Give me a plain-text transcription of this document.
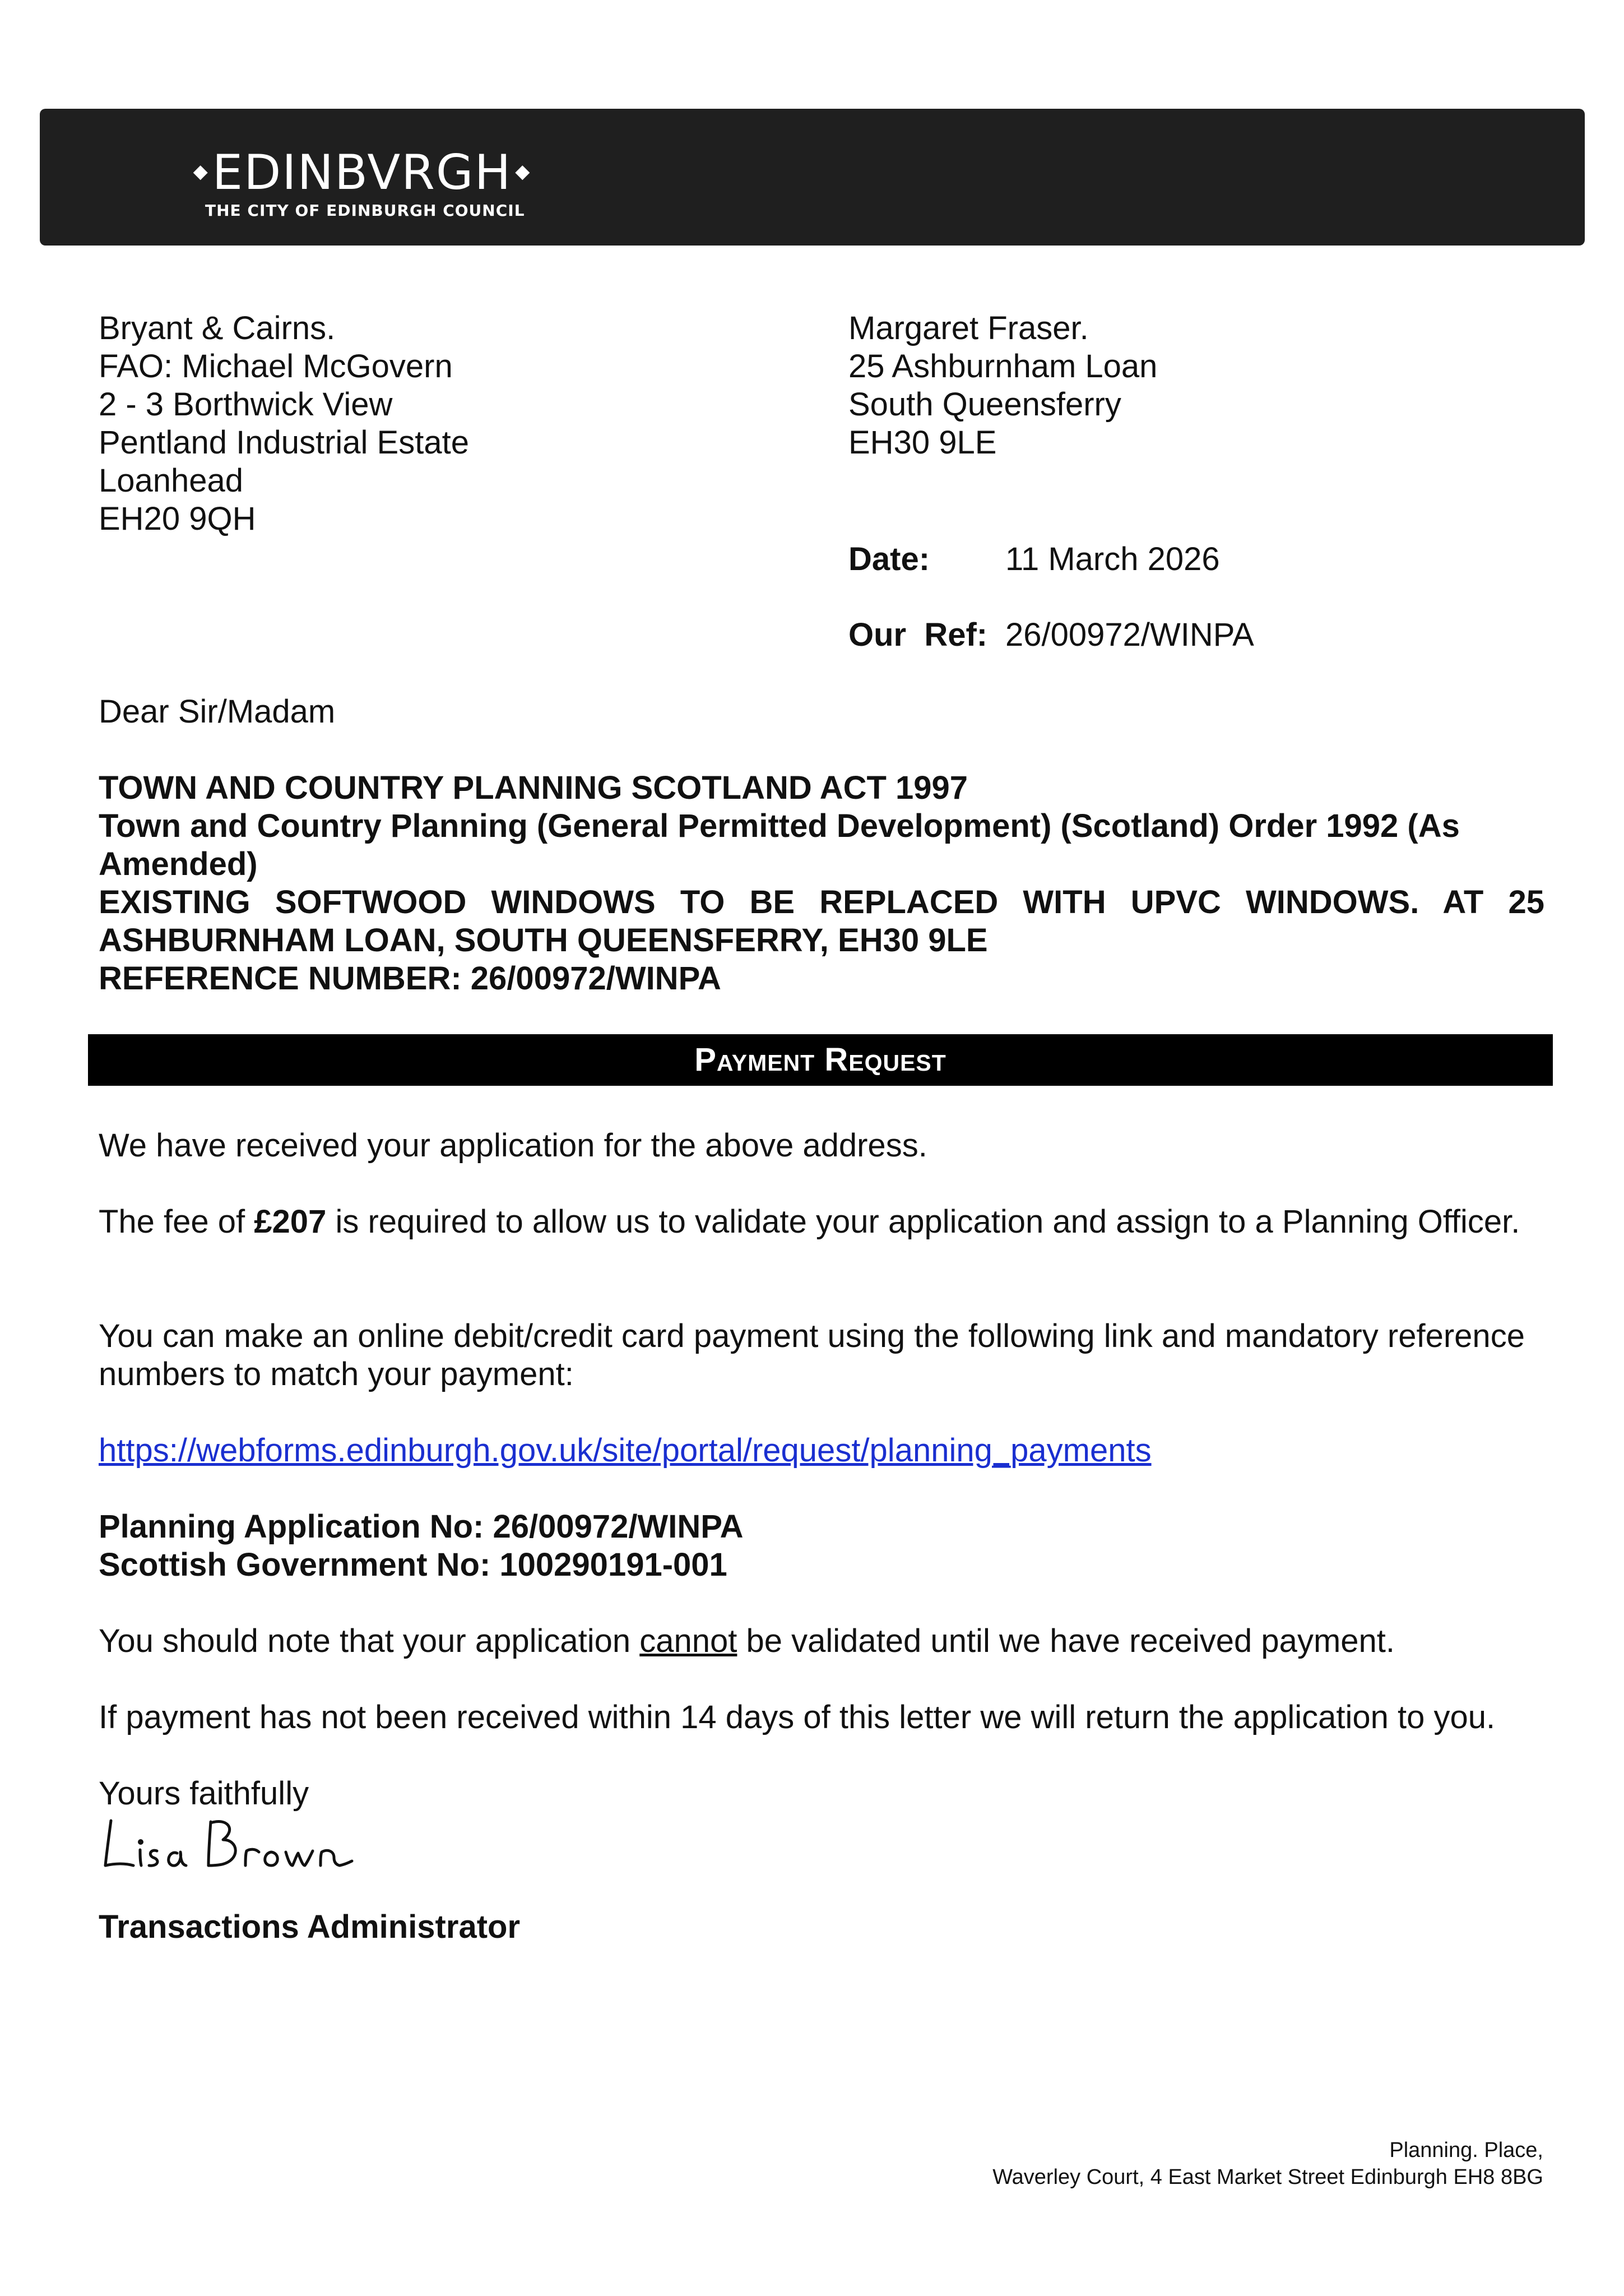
◆EDINBVRGH ◆
THE CITY OF EDINBURGH COUNCIL
Bryant & Cairns.
FAO: Michael McGovern
2 - 3 Borthwick View
Pentland Industrial Estate
Loanhead
EH20 9QH
Margaret Fraser.
25 Ashburnham Loan
South Queensferry
EH30 9LE
Date: 11 March 2026
Our  Ref: 26/00972/WINPA
Dear Sir/Madam
TOWN AND COUNTRY PLANNING SCOTLAND ACT 1997
Town and Country Planning (General Permitted Development) (Scotland) Order 1992 (As Amended)
EXISTING SOFTWOOD WINDOWS TO BE REPLACED WITH UPVC WINDOWS. AT 25 ASHBURNHAM LOAN, SOUTH QUEENSFERRY, EH30 9LE
REFERENCE NUMBER: 26/00972/WINPA
Payment Request
We have received your application for the above address.
The fee of £207 is required to allow us to validate your application and assign to a Planning Officer.
You can make an online debit/credit card payment using the following link and mandatory reference numbers to match your payment:
https://webforms.edinburgh.gov.uk/site/portal/request/planning_payments
Planning Application No: 26/00972/WINPA
Scottish Government No: 100290191-001
You should note that your application cannot be validated until we have received payment.
If payment has not been received within 14 days of this letter we will return the application to you.
Yours faithfully
Transactions Administrator
Planning. Place,
Waverley Court, 4 East Market Street Edinburgh EH8 8BG
